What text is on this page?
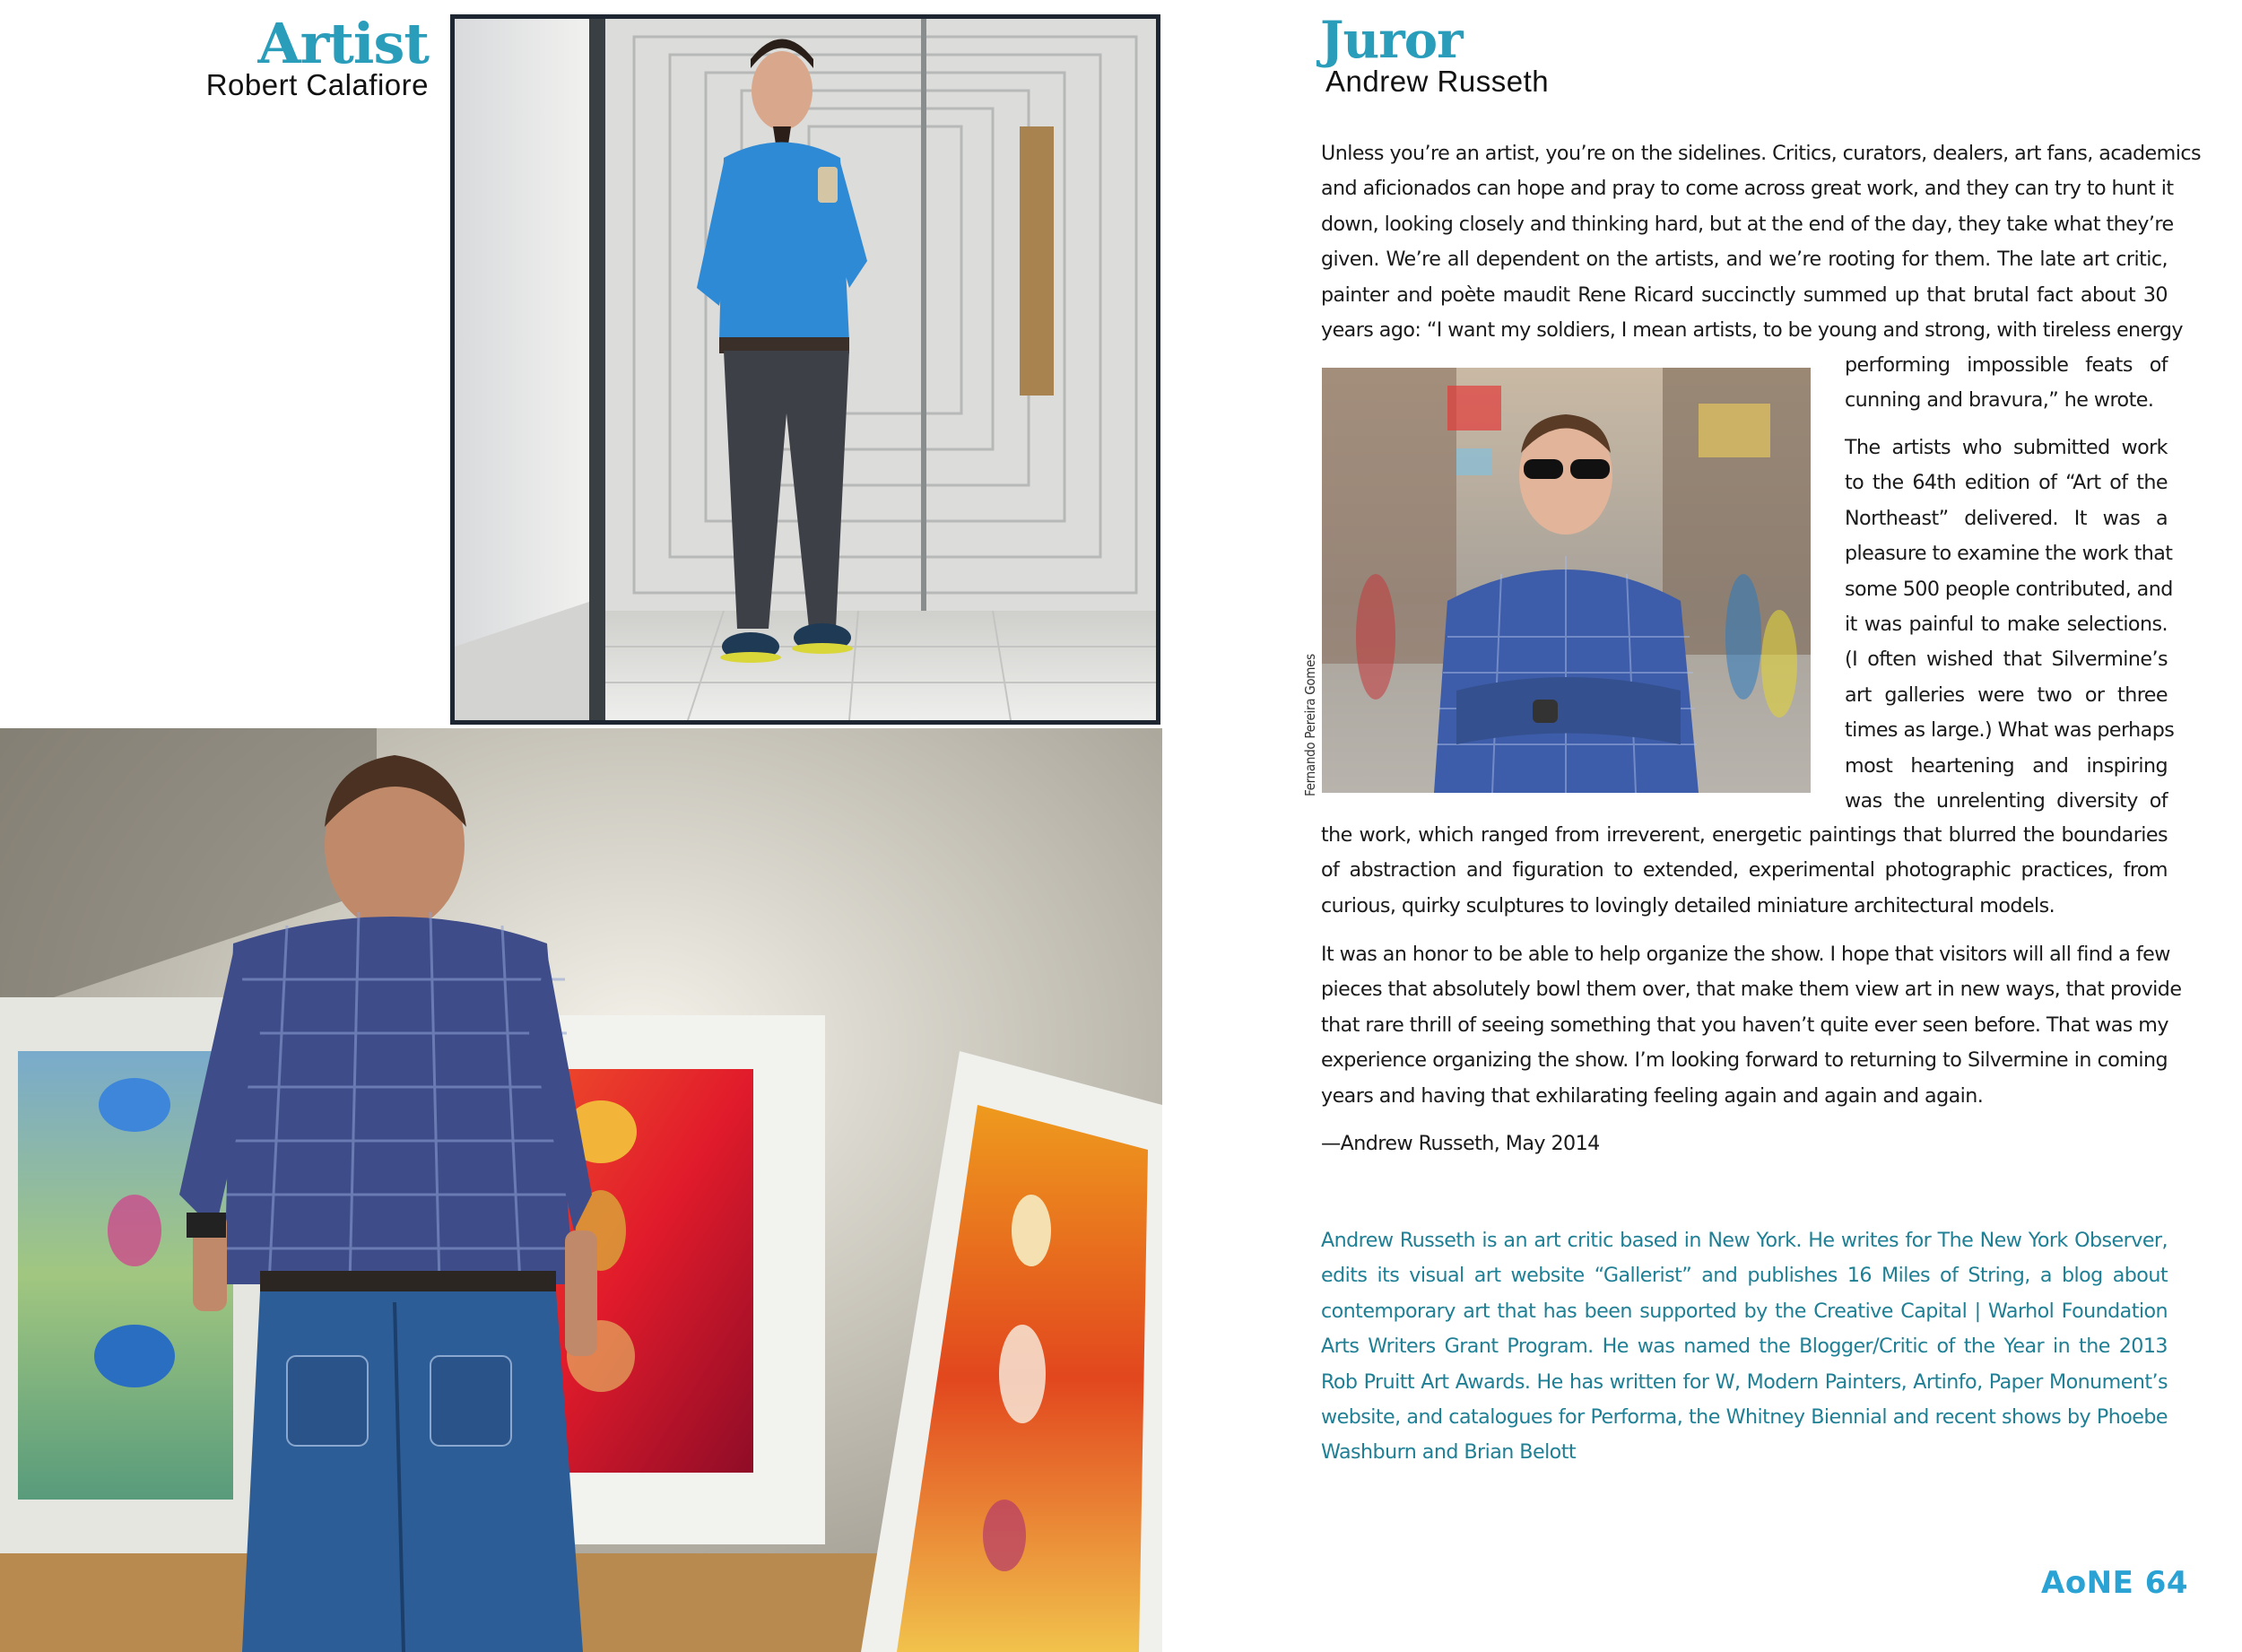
Artist
Robert Calafiore
Juror
Andrew Russeth
Unless you’re an artist, you’re on the sidelines. Critics, curators, dealers, art fans, academics
and aficionados can hope and pray to come across great work, and they can try to hunt it
down, looking closely and thinking hard, but at the end of the day, they take what they’re
given. We’re all dependent on the artists, and we’re rooting for them. The late art critic,
painter and poète maudit Rene Ricard succinctly summed up that brutal fact about 30
years ago: “I want my soldiers, I mean artists, to be young and strong, with tireless energy
performing impossible feats of
cunning and bravura,” he wrote.
Fernando Pereira Gomes
The artists who submitted work
to the 64th edition of “Art of the
Northeast” delivered. It was a
pleasure to examine the work that
some 500 people contributed, and
it was painful to make selections.
(I often wished that Silvermine’s
art galleries were two or three
times as large.) What was perhaps
most heartening and inspiring
was the unrelenting diversity of
the work, which ranged from irreverent, energetic paintings that blurred the boundaries
of abstraction and figuration to extended, experimental photographic practices, from
curious, quirky sculptures to lovingly detailed miniature architectural models.
It was an honor to be able to help organize the show. I hope that visitors will all find a few
pieces that absolutely bowl them over, that make them view art in new ways, that provide
that rare thrill of seeing something that you haven’t quite ever seen before. That was my
experience organizing the show. I’m looking forward to returning to Silvermine in coming
years and having that exhilarating feeling again and again and again.
—Andrew Russeth, May 2014
Andrew Russeth is an art critic based in New York. He writes for The New York Observer,
edits its visual art website “Gallerist” and publishes 16 Miles of String, a blog about
contemporary art that has been supported by the Creative Capital | Warhol Foundation
Arts Writers Grant Program. He was named the Blogger/Critic of the Year in the 2013
Rob Pruitt Art Awards. He has written for W, Modern Painters, Artinfo, Paper Monument’s
website, and catalogues for Performa, the Whitney Biennial and recent shows by Phoebe
Washburn and Brian Belott
AoNE 64
